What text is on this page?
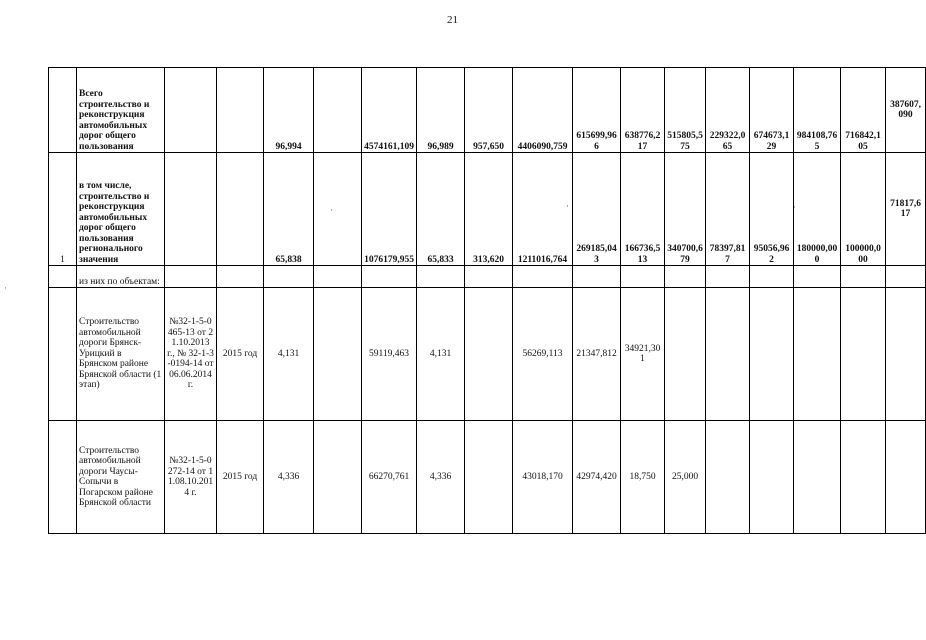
21
	Всего строительство и реконструкция автомобильных дорог общего пользования			96,994		4574161,109	96,989	957,650	4406090,759	615699,966	638776,217	515805,575	229322,065	674673,129	984108,765	716842,105	387607,090
1	в том числе, строительство и реконструкция автомобильных дорог общего пользования регионального значения			65,838		1076179,955	65,833	313,620	1211016,764	269185,043	166736,513	340700,679	78397,817	95056,962	180000,000	100000,000	71817,617
	из них по объектам:																
	Строительство автомобильной дороги Брянск-Урицкий в Брянском районе Брянской области (1 этап)	№32-1-5-0465-13 от 21.10.2013 г., № 32-1-3-0194-14 от 06.06.2014 г.	2015 год	4,131		59119,463	4,131		56269,113	21347,812	34921,301						
	Строительство автомобильной дороги Чаусы-Сопычи в Погарском районе Брянской области	№32-1-5-0272-14 от 11.08.10.2014 г.	2015 год	4,336		66270,761	4,336		43018,170	42974,420	18,750	25,000					
·	·	·
·
